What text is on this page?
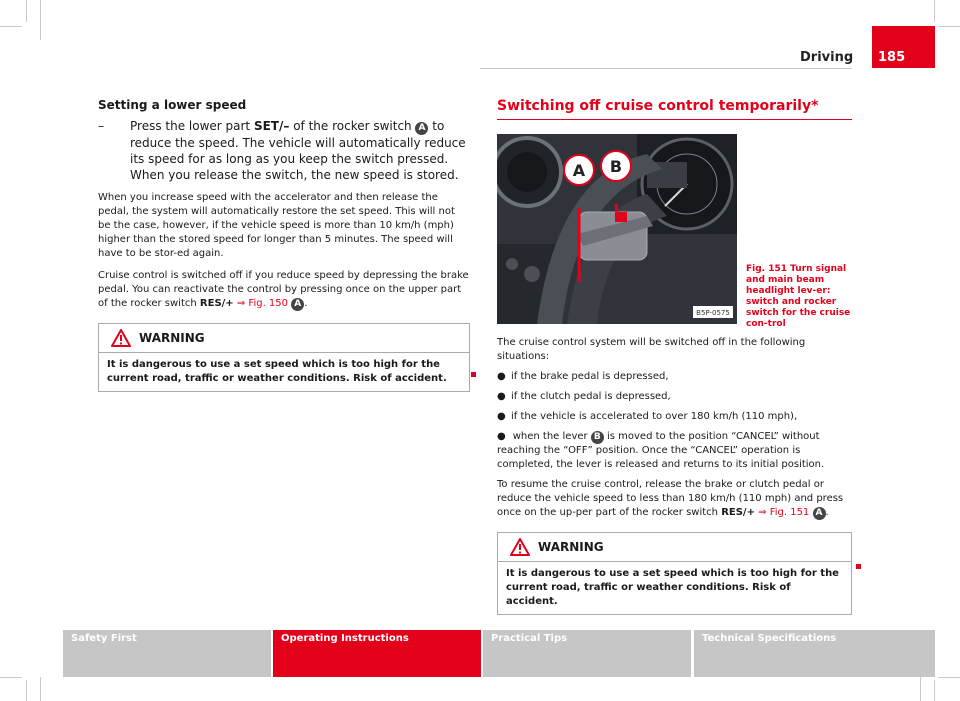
Driving 185
Setting a lower speed
– Press the lower part SET/– of the rocker switch A to reduce the speed. The vehicle will automatically reduce its speed for as long as you keep the switch pressed. When you release the switch, the new speed is stored.

When you increase speed with the accelerator and then release the pedal, the system will automatically restore the set speed. This will not be the case, however, if the vehicle speed is more than 10 km/h (mph) higher than the stored speed for longer than 5 minutes. The speed will have to be stor-ed again.

Cruise control is switched off if you reduce speed by depressing the brake pedal. You can reactivate the control by pressing once on the upper part of the rocker switch RES/+ ⇒ Fig. 150 A .

WARNING
It is dangerous to use a set speed which is too high for the current road, traffic or weather conditions. Risk of accident.
Switching off cruise control temporarily*
A B
B5P-0575
Fig. 151 Turn signal and main beam headlight lev-er: switch and rocker switch for the cruise con-trol

The cruise control system will be switched off in the following situations:

● if the brake pedal is depressed,
● if the clutch pedal is depressed,
● if the vehicle is accelerated to over 180 km/h (110 mph),
● when the lever B is moved to the position “CANCEL” without reaching the “OFF” position. Once the “CANCEL” operation is completed, the lever is released and returns to its initial position.

To resume the cruise control, release the brake or clutch pedal or reduce the vehicle speed to less than 180 km/h (110 mph) and press once on the up-per part of the rocker switch RES/+ ⇒ Fig. 151 A .

WARNING
It is dangerous to use a set speed which is too high for the current road, traffic or weather conditions. Risk of accident.
Safety First	Operating Instructions	Practical Tips	Technical Specifications
